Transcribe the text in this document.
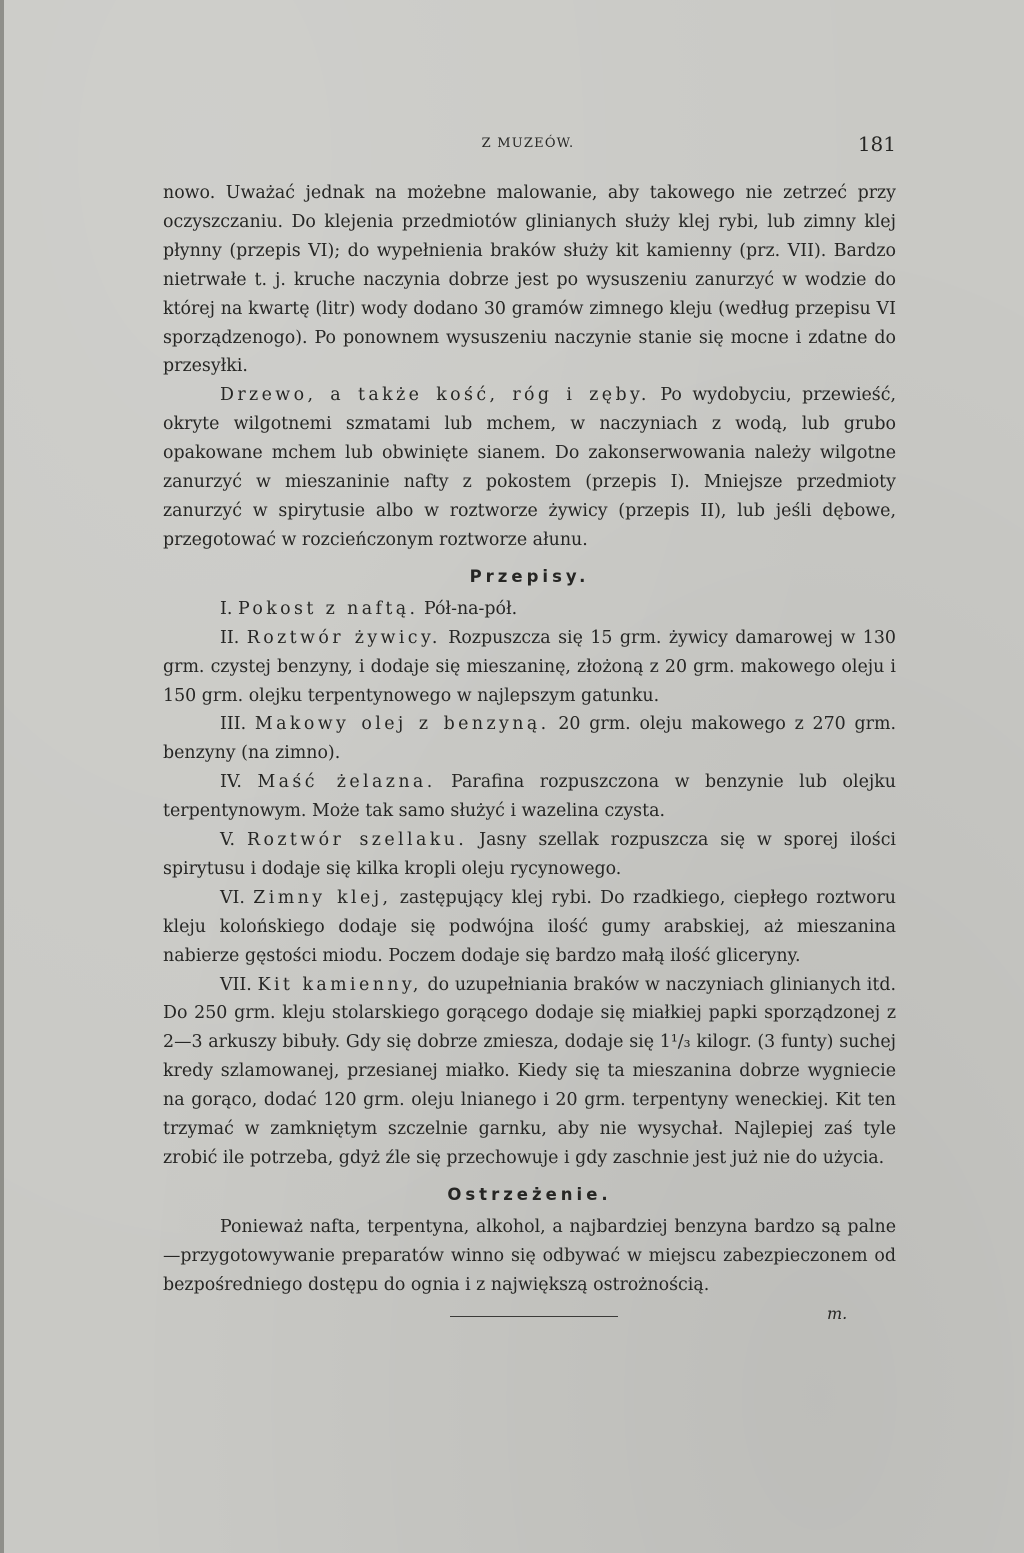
Z MUZEÓW.	181

nowo. Uważać jednak na możebne malowanie, aby takowego nie zetrzeć przy oczyszczaniu. Do klejenia przedmiotów glinianych służy klej rybi, lub zimny klej płynny (przepis VI); do wypełnienia braków służy kit kamienny (prz. VII). Bardzo nietrwałe t. j. kruche naczynia dobrze jest po wysuszeniu zanurzyć w wodzie do której na kwartę (litr) wody dodano 30 gramów zimnego kleju (według przepisu VI sporządzenogo). Po ponownem wysuszeniu naczynie stanie się mocne i zdatne do przesyłki.

Drzewo, a także kość, róg i zęby. Po wydobyciu, przewieść, okryte wilgotnemi szmatami lub mchem, w naczyniach z wodą, lub grubo opakowane mchem lub obwinięte sianem. Do zakonserwowania należy wilgotne zanurzyć w mieszaninie nafty z pokostem (przepis I). Mniejsze przedmioty zanurzyć w spirytusie albo w roztworze żywicy (przepis II), lub jeśli dębowe, przegotować w rozcieńczonym roztworze ałunu.

Przepisy.

I. Pokost z naftą. Pół-na-pół.

II. Roztwór żywicy. Rozpuszcza się 15 grm. żywicy damarowej w 130 grm. czystej benzyny, i dodaje się mieszaninę, złożoną z 20 grm. makowego oleju i 150 grm. olejku terpentynowego w najlepszym gatunku.

III. Makowy olej z benzyną. 20 grm. oleju makowego z 270 grm. benzyny (na zimno).

IV. Maść żelazna. Parafina rozpuszczona w benzynie lub olejku terpentynowym. Może tak samo służyć i wazelina czysta.

V. Roztwór szellaku. Jasny szellak rozpuszcza się w sporej ilości spirytusu i dodaje się kilka kropli oleju rycynowego.

VI. Zimny klej, zastępujący klej rybi. Do rzadkiego, ciepłego roztworu kleju kolońskiego dodaje się podwójna ilość gumy arabskiej, aż mieszanina nabierze gęstości miodu. Poczem dodaje się bardzo małą ilość gliceryny.

VII. Kit kamienny, do uzupełniania braków w naczyniach glinianych itd. Do 250 grm. kleju stolarskiego gorącego dodaje się miałkiej papki sporządzonej z 2—3 arkuszy bibuły. Gdy się dobrze zmiesza, dodaje się 1¹/₃ kilogr. (3 funty) suchej kredy szlamowanej, przesianej miałko. Kiedy się ta mieszanina dobrze wygniecie na gorąco, dodać 120 grm. oleju lnianego i 20 grm. terpentyny weneckiej. Kit ten trzymać w zamkniętym szczelnie garnku, aby nie wysychał. Najlepiej zaś tyle zrobić ile potrzeba, gdyż źle się przechowuje i gdy zaschnie jest już nie do użycia.

Ostrzeżenie.

Ponieważ nafta, terpentyna, alkohol, a najbardziej benzyna bardzo są palne—przygotowywanie preparatów winno się odbywać w miejscu zabezpieczonem od bezpośredniego dostępu do ognia i z największą ostrożnością.

m.
